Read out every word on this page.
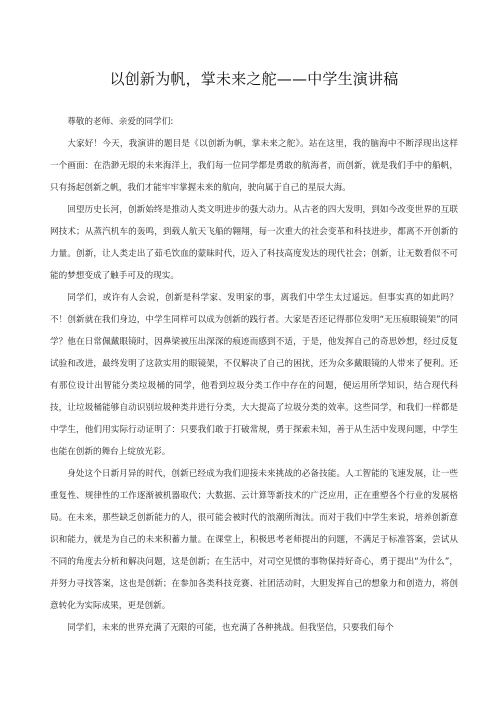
以创新为帆，掌未来之舵——中学生演讲稿

尊敬的老师、亲爱的同学们:

大家好！今天，我演讲的题目是《以创新为帆，掌未来之舵》。站在这里，我的脑海中不断浮现出这样一个画面：在浩渺无垠的未来海洋上，我们每一位同学都是勇敢的航海者，而创新，就是我们手中的船帆，只有扬起创新之帆，我们才能牢牢掌握未来的航向，驶向属于自己的星辰大海。

回望历史长河，创新始终是推动人类文明进步的强大动力。从古老的四大发明，到如今改变世界的互联网技术；从蒸汽机车的轰鸣，到载人航天飞船的翱翔，每一次重大的社会变革和科技进步，都离不开创新的力量。创新，让人类走出了茹毛饮血的蒙昧时代，迈入了科技高度发达的现代社会；创新，让无数看似不可能的梦想变成了触手可及的现实。

同学们，或许有人会说，创新是科学家、发明家的事，离我们中学生太过遥远。但事实真的如此吗？不！创新就在我们身边，中学生同样可以成为创新的践行者。大家是否还记得那位发明“无压痕眼镜架”的同学？他在日常佩戴眼镜时，因鼻梁被压出深深的痕迹而感到不适，于是，他发挥自己的奇思妙想，经过反复试验和改进，最终发明了这款实用的眼镜架，不仅解决了自己的困扰，还为众多戴眼镜的人带来了便利。还有那位设计出智能分类垃圾桶的同学，他看到垃圾分类工作中存在的问题，便运用所学知识，结合现代科技，让垃圾桶能够自动识别垃圾种类并进行分类，大大提高了垃圾分类的效率。这些同学，和我们一样都是中学生，他们用实际行动证明了：只要我们敢于打破常规，勇于探索未知，善于从生活中发现问题，中学生也能在创新的舞台上绽放光彩。

身处这个日新月异的时代，创新已经成为我们迎接未来挑战的必备技能。人工智能的飞速发展，让一些重复性、规律性的工作逐渐被机器取代；大数据、云计算等新技术的广泛应用，正在重塑各个行业的发展格局。在未来，那些缺乏创新能力的人，很可能会被时代的浪潮所淘汰。而对于我们中学生来说，培养创新意识和能力，就是为自己的未来积蓄力量。在课堂上，积极思考老师提出的问题，不满足于标准答案，尝试从不同的角度去分析和解决问题，这是创新；在生活中，对司空见惯的事物保持好奇心，勇于提出“为什么”，并努力寻找答案，这也是创新；在参加各类科技竞赛、社团活动时，大胆发挥自己的想象力和创造力，将创意转化为实际成果，更是创新。

同学们，未来的世界充满了无限的可能，也充满了各种挑战。但我坚信，只要我们每个
